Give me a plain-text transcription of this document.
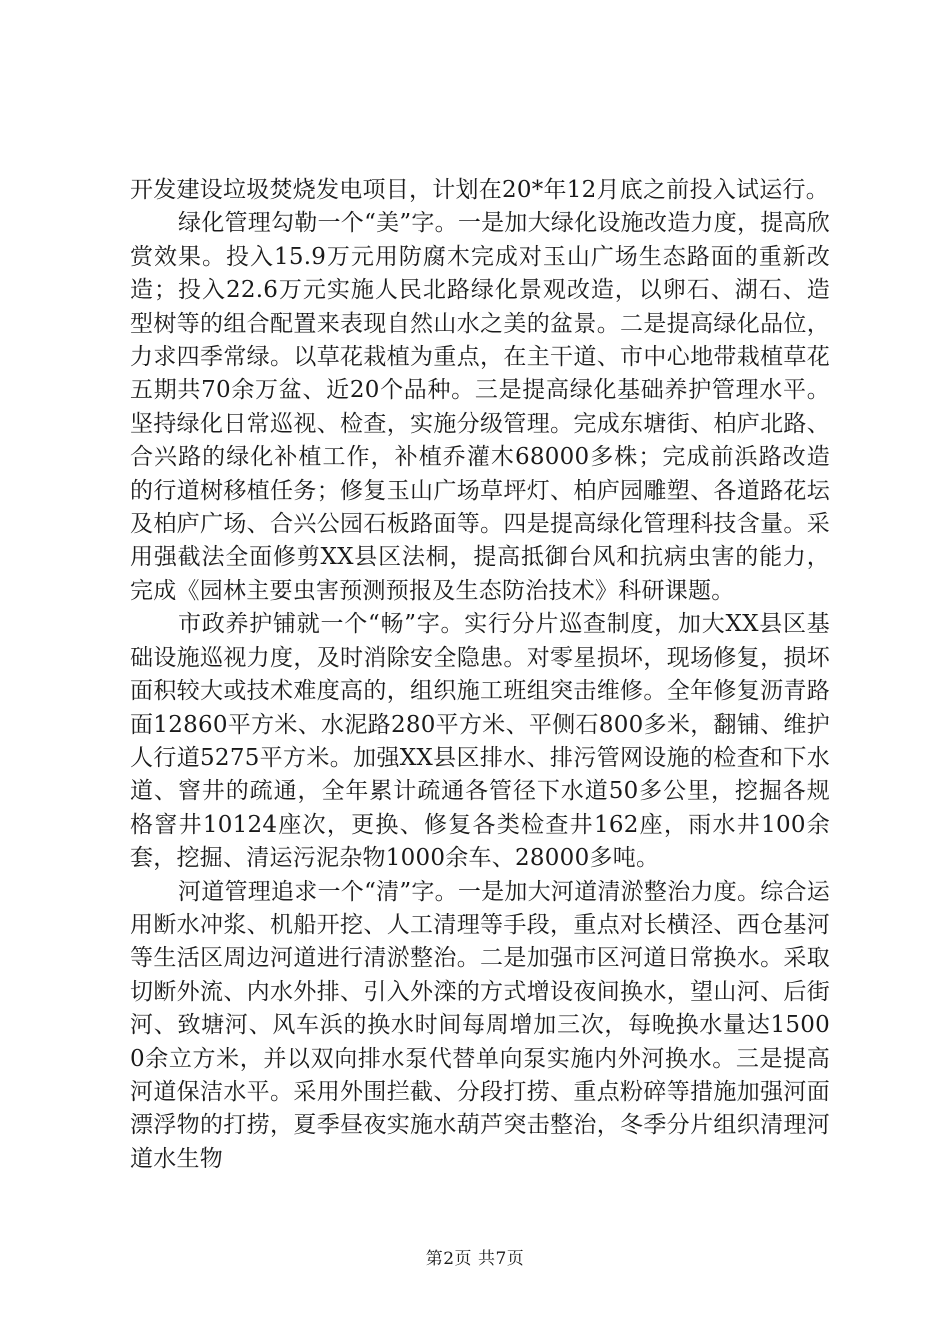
开发建设垃圾焚烧发电项目，计划在20*年12月底之前投入试运行。

绿化管理勾勒一个“美”字。一是加大绿化设施改造力度，提高欣赏效果。投入15.9万元用防腐木完成对玉山广场生态路面的重新改造；投入22.6万元实施人民北路绿化景观改造，以卵石、湖石、造型树等的组合配置来表现自然山水之美的盆景。二是提高绿化品位，力求四季常绿。以草花栽植为重点，在主干道、市中心地带栽植草花五期共70余万盆、近20个品种。三是提高绿化基础养护管理水平。坚持绿化日常巡视、检查，实施分级管理。完成东塘街、柏庐北路、合兴路的绿化补植工作，补植乔灌木68000多株；完成前浜路改造的行道树移植任务；修复玉山广场草坪灯、柏庐园雕塑、各道路花坛及柏庐广场、合兴公园石板路面等。四是提高绿化管理科技含量。采用强截法全面修剪XX县区法桐，提高抵御台风和抗病虫害的能力，完成《园林主要虫害预测预报及生态防治技术》科研课题。

市政养护铺就一个“畅”字。实行分片巡查制度，加大XX县区基础设施巡视力度，及时消除安全隐患。对零星损坏，现场修复，损坏面积较大或技术难度高的，组织施工班组突击维修。全年修复沥青路面12860平方米、水泥路280平方米、平侧石800多米，翻铺、维护人行道5275平方米。加强XX县区排水、排污管网设施的检查和下水道、窨井的疏通，全年累计疏通各管径下水道50多公里，挖掘各规格窨井10124座次，更换、修复各类检查井162座，雨水井100余套，挖掘、清运污泥杂物1000余车、28000多吨。

河道管理追求一个“清”字。一是加大河道清淤整治力度。综合运用断水冲浆、机船开挖、人工清理等手段，重点对长横泾、西仓基河等生活区周边河道进行清淤整治。二是加强市区河道日常换水。采取切断外流、内水外排、引入外滦的方式增设夜间换水，望山河、后街河、致塘河、风车浜的换水时间每周增加三次，每晚换水量达15000余立方米，并以双向排水泵代替单向泵实施内外河换水。三是提高河道保洁水平。采用外围拦截、分段打捞、重点粉碎等措施加强河面漂浮物的打捞，夏季昼夜实施水葫芦突击整治，冬季分片组织清理河道水生物

第2页 共7页
